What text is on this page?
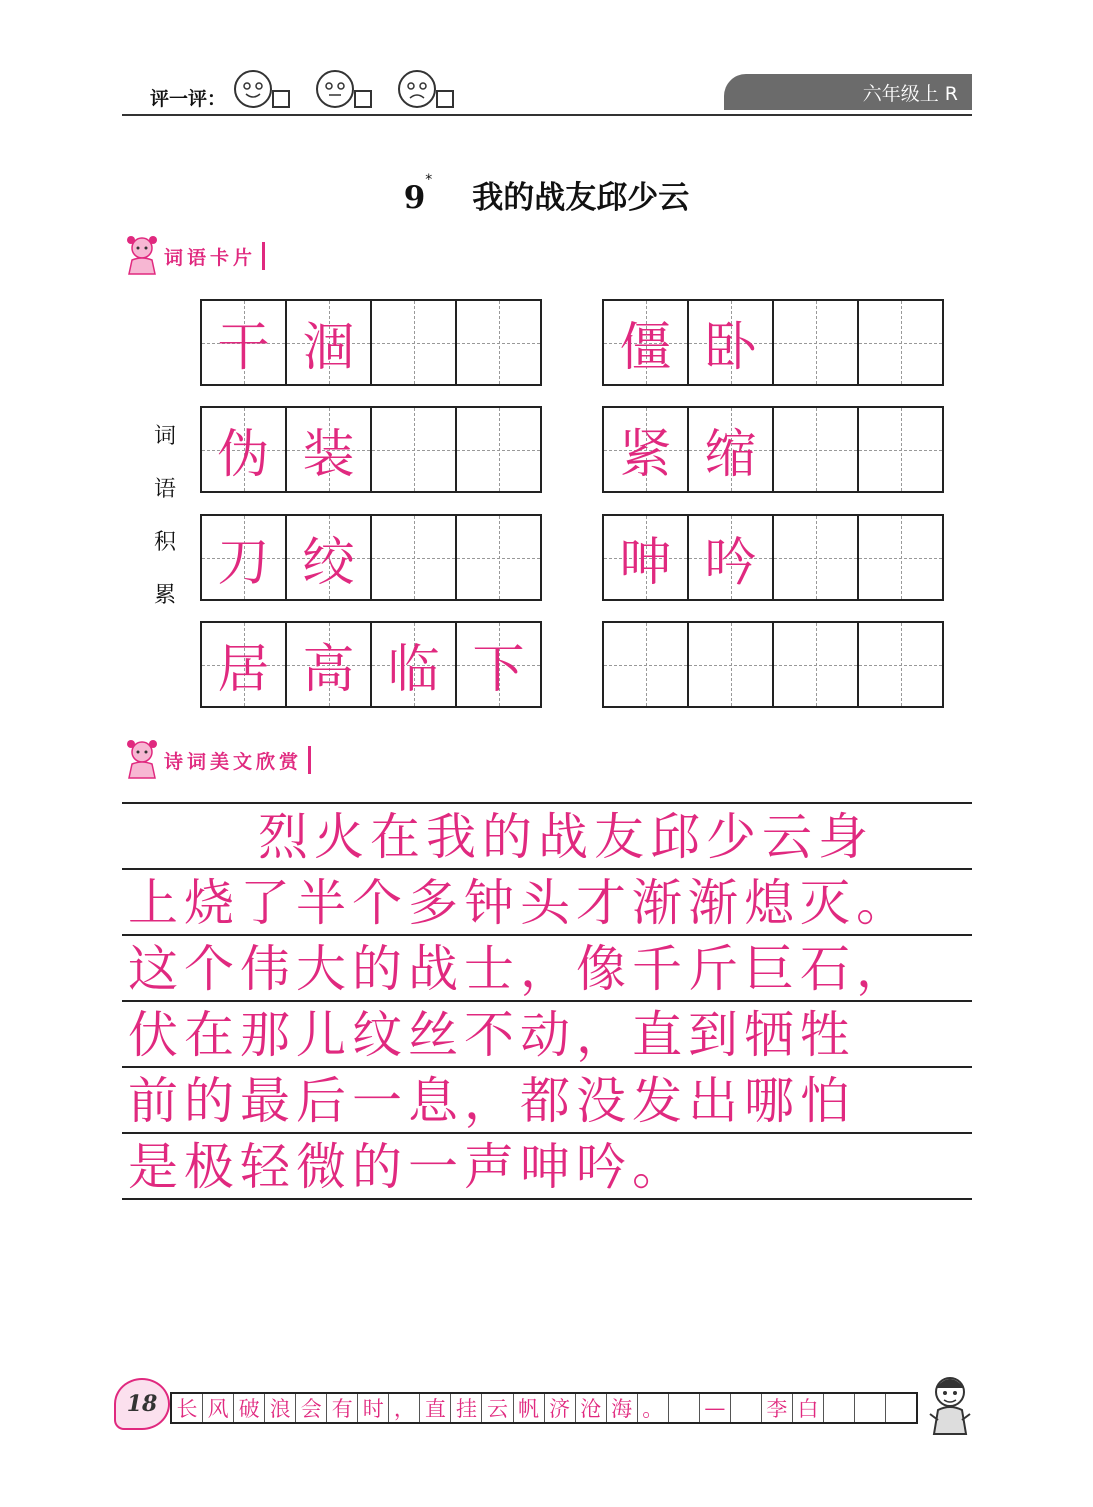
评一评：	六年级上 R
9* 我的战友邱少云
词语卡片
词
语
积
累
干 涸
伪 装
刀 绞
居 高 临 下
僵 卧
紧 缩
呻 吟
诗词美文欣赏
烈火在我的战友邱少云身
上烧了半个多钟头才渐渐熄灭。
这个伟大的战士，像千斤巨石，
伏在那儿纹丝不动，直到牺牲
前的最后一息，都没发出哪怕
是极轻微的一声呻吟。
18 长 风 破 浪 会 有 时 ， 直 挂 云 帆 济 沧 海 。 — 李 白
